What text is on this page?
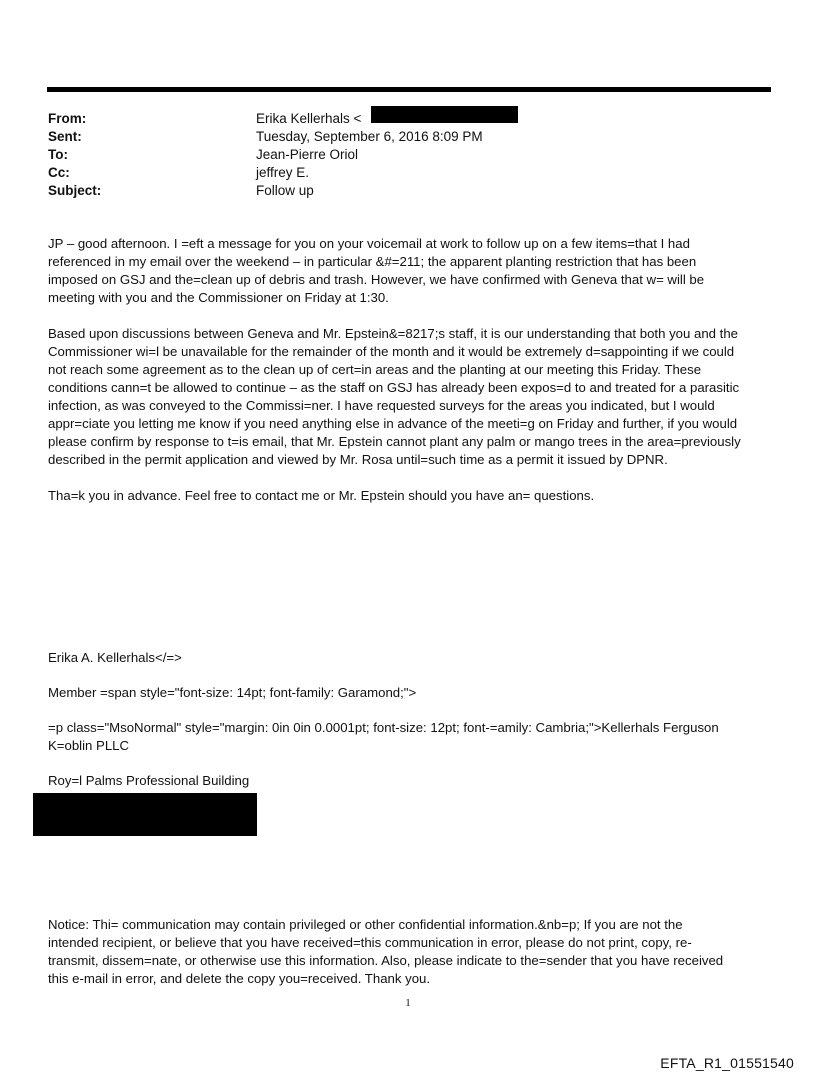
From:	Erika Kellerhals <
Sent:	Tuesday, September 6, 2016 8:09 PM
To:	Jean-Pierre Oriol
Cc:	jeffrey E.
Subject:	Follow up

JP – good afternoon. I =eft a message for you on your voicemail at work to follow up on a few items=that I had
referenced in my email over the weekend – in particular &#=211; the apparent planting restriction that has been
imposed on GSJ and the=clean up of debris and trash. However, we have confirmed with Geneva that w= will be
meeting with you and the Commissioner on Friday at 1:30.

Based upon discussions between Geneva and Mr. Epstein&=8217;s staff, it is our understanding that both you and the
Commissioner wi=l be unavailable for the remainder of the month and it would be extremely d=sappointing if we could
not reach some agreement as to the clean up of cert=in areas and the planting at our meeting this Friday. These
conditions cann=t be allowed to continue – as the staff on GSJ has already been expos=d to and treated for a parasitic
infection, as was conveyed to the Commissi=ner. I have requested surveys for the areas you indicated, but I would
appr=ciate you letting me know if you need anything else in advance of the meeti=g on Friday and further, if you would
please confirm by response to t=is email, that Mr. Epstein cannot plant any palm or mango trees in the area=previously
described in the permit application and viewed by Mr. Rosa until=such time as a permit it issued by DPNR.

Tha=k you in advance. Feel free to contact me or Mr. Epstein should you have an= questions.

Erika A. Kellerhals</=>

Member =span style="font-size: 14pt; font-family: Garamond;">

=p class="MsoNormal" style="margin: 0in 0in 0.0001pt; font-size: 12pt; font-=amily: Cambria;">Kellerhals Ferguson
K=oblin PLLC

Roy=l Palms Professional Building

Notice: Thi= communication may contain privileged or other confidential information.&nb=p; If you are not the
intended recipient, or believe that you have received=this communication in error, please do not print, copy, re-
transmit, dissem=nate, or otherwise use this information. Also, please indicate to the=sender that you have received
this e-mail in error, and delete the copy you=received. Thank you.

1
EFTA_R1_01551540
